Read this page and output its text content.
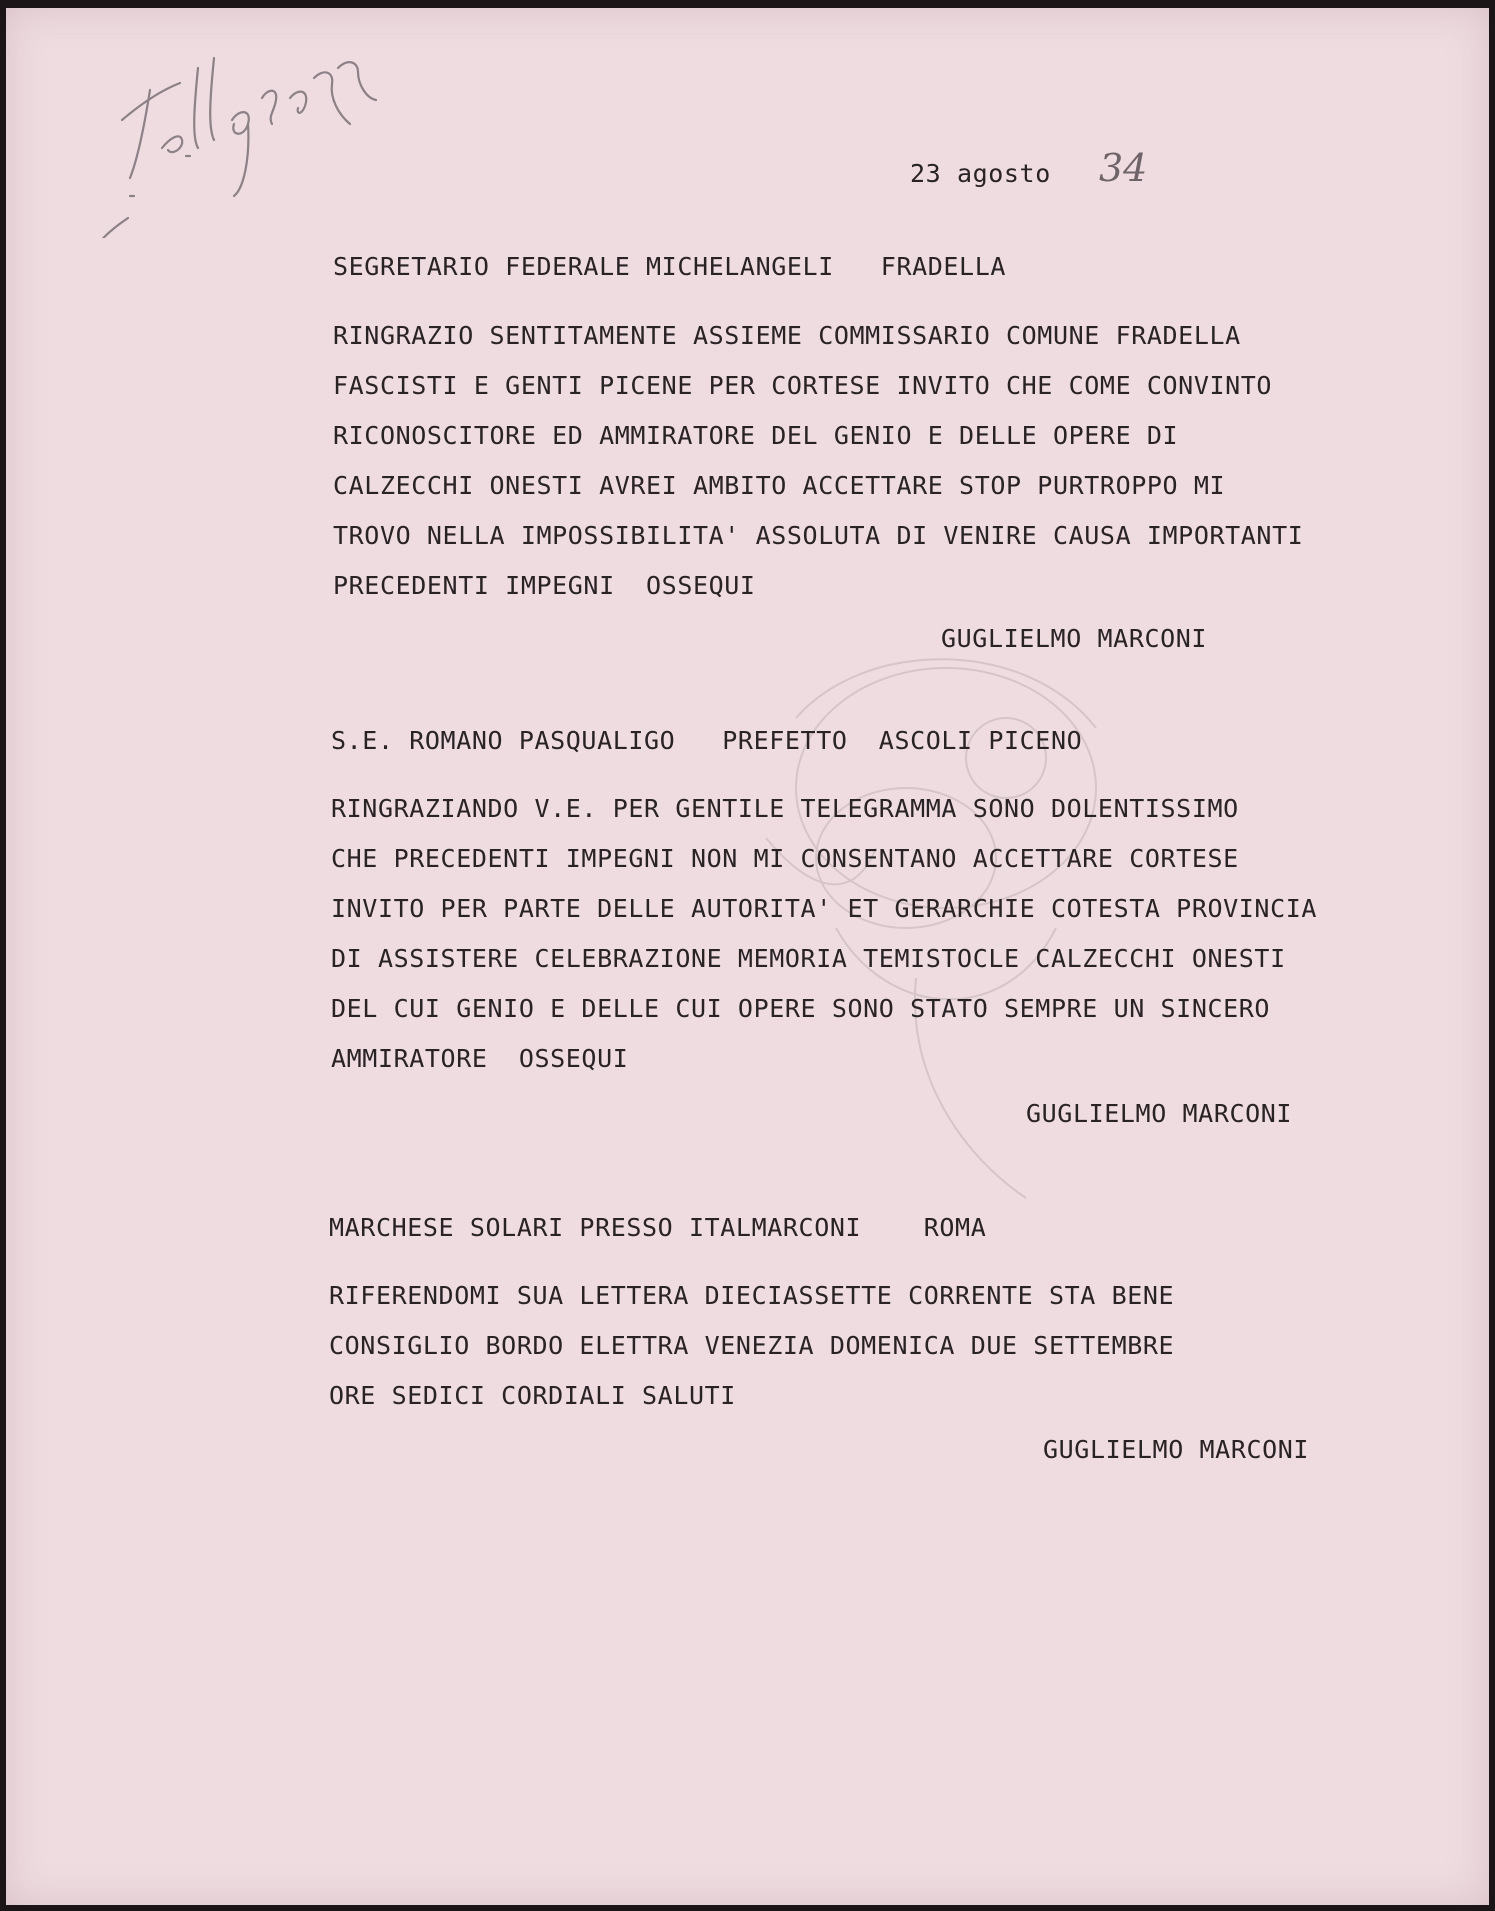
23 agosto 34
SEGRETARIO FEDERALE MICHELANGELI   FRADELLA
RINGRAZIO SENTITAMENTE ASSIEME COMMISSARIO COMUNE FRADELLA
FASCISTI E GENTI PICENE PER CORTESE INVITO CHE COME CONVINTO
RICONOSCITORE ED AMMIRATORE DEL GENIO E DELLE OPERE DI
CALZECCHI ONESTI AVREI AMBITO ACCETTARE STOP PURTROPPO MI
TROVO NELLA IMPOSSIBILITA' ASSOLUTA DI VENIRE CAUSA IMPORTANTI
PRECEDENTI IMPEGNI  OSSEQUI
GUGLIELMO MARCONI
S.E. ROMANO PASQUALIGO   PREFETTO  ASCOLI PICENO
RINGRAZIANDO V.E. PER GENTILE TELEGRAMMA SONO DOLENTISSIMO
CHE PRECEDENTI IMPEGNI NON MI CONSENTANO ACCETTARE CORTESE
INVITO PER PARTE DELLE AUTORITA' ET GERARCHIE COTESTA PROVINCIA
DI ASSISTERE CELEBRAZIONE MEMORIA TEMISTOCLE CALZECCHI ONESTI
DEL CUI GENIO E DELLE CUI OPERE SONO STATO SEMPRE UN SINCERO
AMMIRATORE  OSSEQUI
GUGLIELMO MARCONI
MARCHESE SOLARI PRESSO ITALMARCONI    ROMA
RIFERENDOMI SUA LETTERA DIECIASSETTE CORRENTE STA BENE
CONSIGLIO BORDO ELETTRA VENEZIA DOMENICA DUE SETTEMBRE
ORE SEDICI CORDIALI SALUTI
GUGLIELMO MARCONI
